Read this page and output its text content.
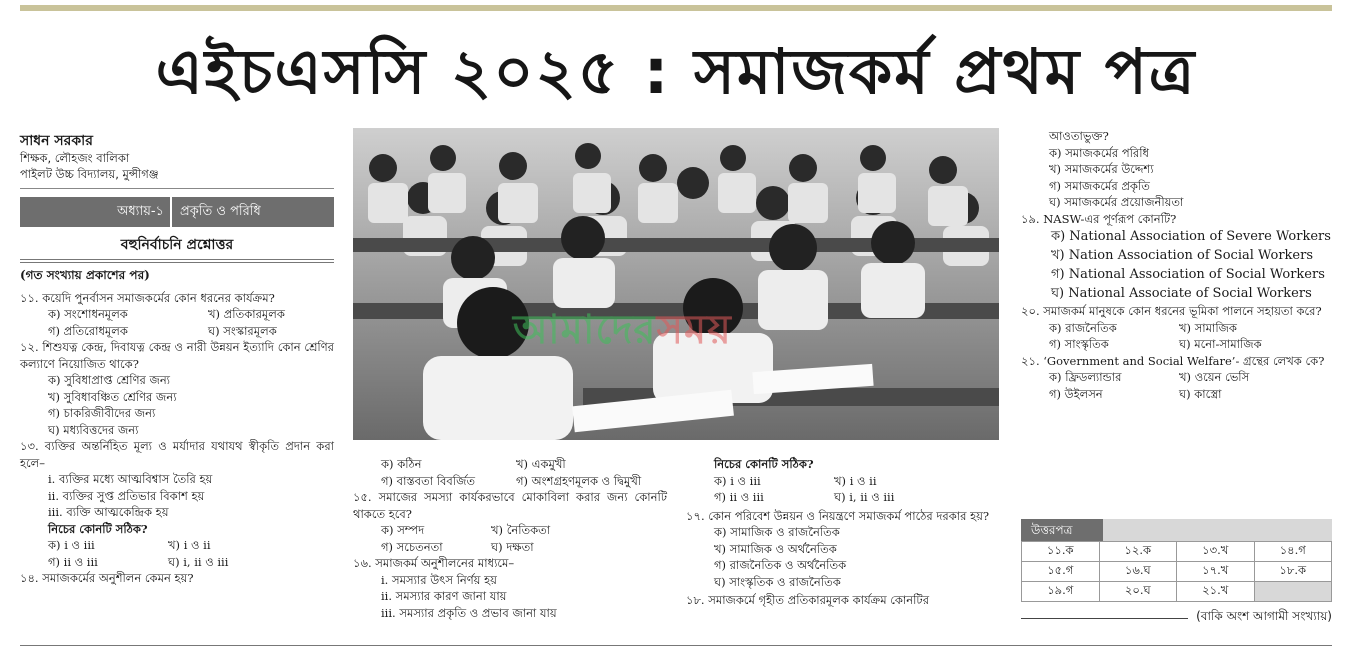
এইচএসসি ২০২৫ : সমাজকর্ম প্রথম পত্র
সাধন সরকার
শিক্ষক, লৌহজং বালিকা
পাইলট উচ্চ বিদ্যালয়, মুন্সীগঞ্জ
অধ্যায়-১	প্রকৃতি ও পরিধি
বহুনির্বাচনি প্রশ্নোত্তর
(গত সংখ্যায় প্রকাশের পর)
১১. কয়েদি পুনর্বাসন সমাজকর্মের কোন ধরনের কার্যক্রম?
ক) সংশোধনমূলক	খ) প্রতিকারমূলক
গ) প্রতিরোধমূলক	ঘ) সংস্কারমূলক
১২. শিশুযত্ন কেন্দ্র, দিবাযত্ন কেন্দ্র ও নারী উন্নয়ন ইত্যাদি কোন শ্রেণির কল্যাণে নিয়োজিত থাকে?
ক) সুবিধাপ্রাপ্ত শ্রেণির জন্য
খ) সুবিধাবঞ্চিত শ্রেণির জন্য
গ) চাকরিজীবীদের জন্য
ঘ) মধ্যবিত্তদের জন্য
১৩. ব্যক্তির অন্তর্নিহিত মূল্য ও মর্যাদার যথাযথ স্বীকৃতি প্রদান করা হলে–
i. ব্যক্তির মধ্যে আত্মবিশ্বাস তৈরি হয়
ii. ব্যক্তির সুপ্ত প্রতিভার বিকাশ হয়
iii. ব্যক্তি আত্মকেন্দ্রিক হয়
নিচের কোনটি সঠিক?
ক) i ও iii	খ) i ও ii
গ) ii ও iii	ঘ) i, ii ও iii
১৪. সমাজকর্মের অনুশীলন কেমন হয়?
আমাদেরসময়
ক) কঠিন	খ) একমুখী
গ) বাস্তবতা বিবর্জিত	গ) অংশগ্রহণমূলক ও দ্বিমুখী
১৫. সমাজের সমস্যা কার্যকরভাবে মোকাবিলা করার জন্য কোনটি থাকতে হবে?
ক) সম্পদ	খ) নৈতিকতা
গ) সচেতনতা	ঘ) দক্ষতা
১৬. সমাজকর্ম অনুশীলনের মাধ্যমে–
i. সমস্যার উৎস নির্ণয় হয়
ii. সমস্যার কারণ জানা যায়
iii. সমস্যার প্রকৃতি ও প্রভাব জানা যায়
নিচের কোনটি সঠিক?
ক) i ও iii	খ) i ও ii
গ) ii ও iii	ঘ) i, ii ও iii
১৭. কোন পরিবেশ উন্নয়ন ও নিয়ন্ত্রণে সমাজকর্ম পাঠের দরকার হয়?
ক) সামাজিক ও রাজনৈতিক
খ) সামাজিক ও অর্থনৈতিক
গ) রাজনৈতিক ও অর্থনৈতিক
ঘ) সাংস্কৃতিক ও রাজনৈতিক
১৮. সমাজকর্মে গৃহীত প্রতিকারমূলক কার্যক্রম কোনটির
আওতাভুক্ত?
ক) সমাজকর্মের পরিধি
খ) সমাজকর্মের উদ্দেশ্য
গ) সমাজকর্মের প্রকৃতি
ঘ) সমাজকর্মের প্রয়োজনীয়তা
১৯. NASW-এর পূর্ণরূপ কোনটি?
ক) National Association of Severe Workers
খ) Nation Association of Social Workers
গ) National Association of Social Workers
ঘ) National Associate of Social Workers
২০. সমাজকর্ম মানুষকে কোন ধরনের ভূমিকা পালনে সহায়তা করে?
ক) রাজনৈতিক	খ) সামাজিক
গ) সাংস্কৃতিক	ঘ) মনো-সামাজিক
২১. ‘Government and Social Welfare’- গ্রন্থের লেখক কে?
ক) ফ্রিডল্যান্ডার	খ) ওয়েন ভেসি
গ) উইলসন	ঘ) কাস্ত্রো
উত্তরপত্র
১১.ক	১২.ক	১৩.খ	১৪.গ
১৫.গ	১৬.ঘ	১৭.খ	১৮.ক
১৯.গ	২০.ঘ	২১.খ	
(বাকি অংশ আগামী সংখ্যায়)
